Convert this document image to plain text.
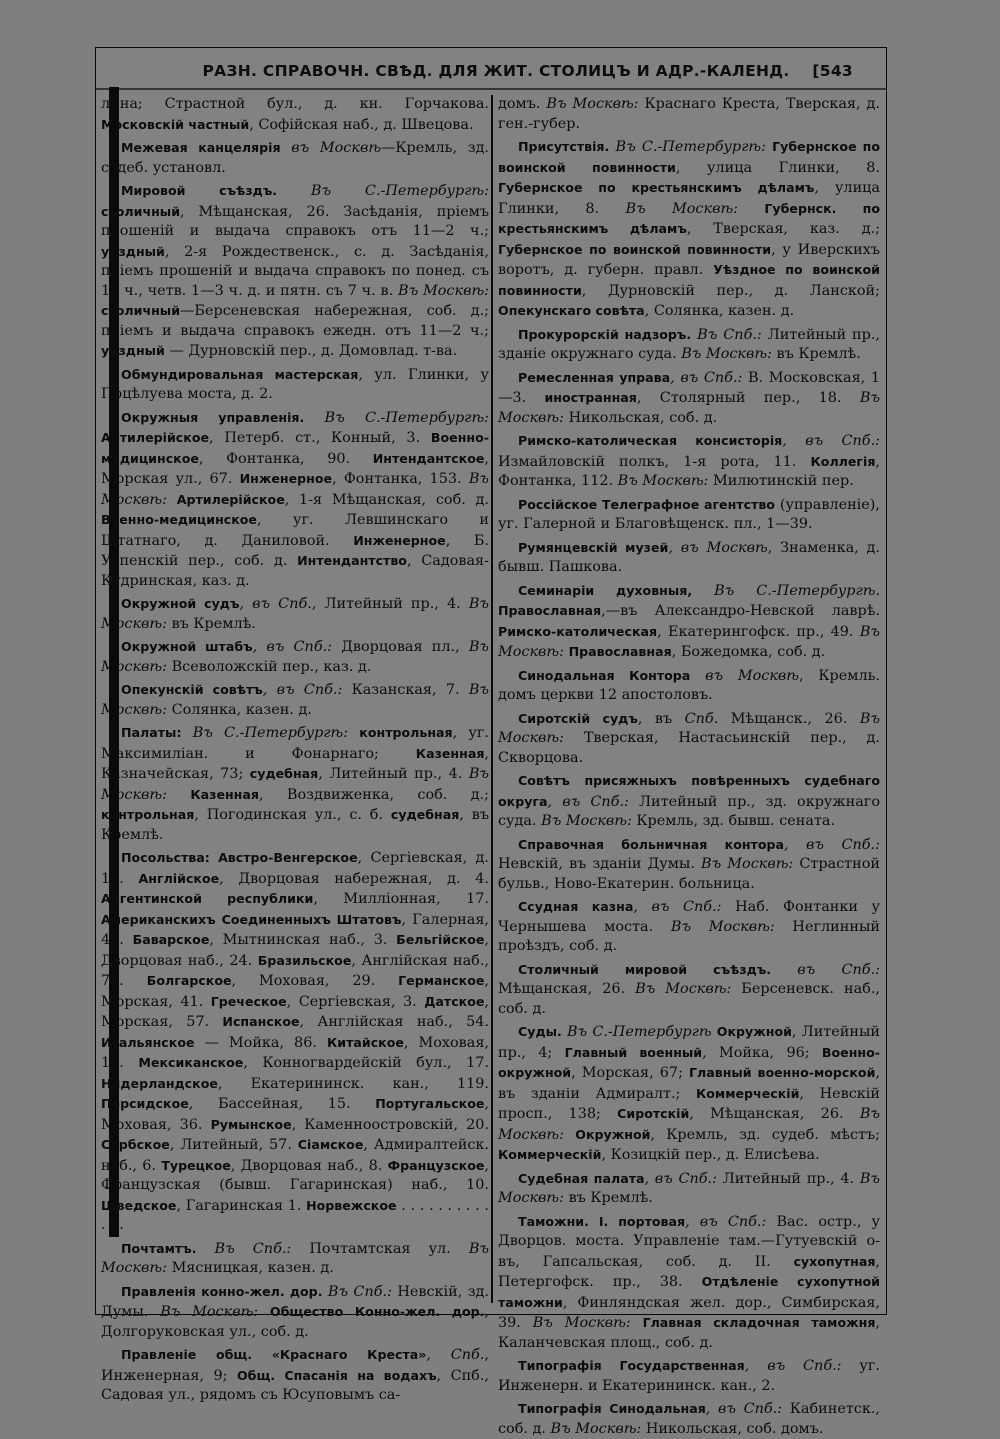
РАЗН. СПРАВОЧН. СВѢД. ДЛЯ ЖИТ. СТОЛИЦЪ И АДР.-КАЛЕНД. [543

лина; Страстной бул., д. кн. Горчакова. Московскій частный, Софійская наб., д. Швецова.

Межевая канцелярія въ Москвѣ—Кремль, зд. судеб. установл.

Мировой съѣздъ. Въ С.-Петербургѣ: столичный, Мѣщанская, 26. Засѣданія, пріемъ прошеній и выдача справокъ отъ 11—2 ч.; уѣздный, 2-я Рождественск., с. д. Засѣданія, пріемъ прошеній и выдача справокъ по понед. съ 12 ч., четв. 1—3 ч. д. и пятн. съ 7 ч. в. Въ Москвѣ: столичный—Берсеневская набережная, соб. д.; пріемъ и выдача справокъ ежедн. отъ 11—2 ч.; уѣздный — Дурновскій пер., д. Домовлад. т-ва.

Обмундировальная мастерская, ул. Глинки, у Поцѣлуева моста, д. 2.

Окружныя управленія. Въ С.-Петербургѣ: Артилерійское, Петерб. ст., Конный, 3. Военно-медицинское, Фонтанка, 90. Интендантское, Морская ул., 67. Инженерное, Фонтанка, 153. Въ Москвѣ: Артилерійское, 1-я Мѣщанская, соб. д. Военно-медицинское, уг. Левшинскаго и Штатнаго, д. Даниловой. Инженерное, Б. Успенскій пер., соб. д. Интендантство, Садовая-Кудринская, каз. д.

Окружной судъ, въ Спб., Литейный пр., 4. Въ Москвѣ: въ Кремлѣ.

Окружной штабъ, въ Спб.: Дворцовая пл., Въ Москвѣ: Всеволожскій пер., каз. д.

Опекунскій совѣтъ, въ Спб.: Казанская, 7. Въ Москвѣ: Солянка, казен. д.

Палаты: Въ С.-Петербургѣ: контрольная, уг. Максимиліан. и Фонарнаго; Казенная, Казначейская, 73; судебная, Литейный пр., 4. Въ Москвѣ: Казенная, Воздвиженка, соб. д.; контрольная, Погодинская ул., с. б. судебная, въ Кремлѣ.

Посольства: Австро-Венгерское, Сергіевская, д. 10. Англійское, Дворцовая набережная, д. 4. Аргентинской республики, Милліонная, 17. Американскихъ Соединенныхъ Штатовъ, Галерная, 45. Баварское, Мытнинская наб., 3. Бельгійское, Дворцовая наб., 24. Бразильское, Англійская наб., 74. Болгарское, Моховая, 29. Германское, Морская, 41. Греческое, Сергіевская, 3. Датское, Морская, 57. Испанское, Англійская наб., 54. Итальянское — Мойка, 86. Китайское, Моховая, 10. Мексиканское, Конногвардейскій бул., 17. Нидерландское, Екатерининск. кан., 119. Персидское, Бассейная, 15. Португальское, Моховая, 36. Румынское, Каменноостровскій, 20. Сербское, Литейный, 57. Сіамское, Адмиралтейск. наб., 6. Турецкое, Дворцовая наб., 8. Французское, Французская (бывш. Гагаринская) наб., 10. Шведское, Гагаринская 1. Норвежское . . . . . . . . . . . . .

Почтамтъ. Въ Спб.: Почтамтская ул. Въ Москвѣ: Мясницкая, казен. д.

Правленія конно-жел. дор. Въ Спб.: Невскій, зд. Думы. Въ Москвѣ: Общество Конно-жел. дор., Долгоруковская ул., соб. д.

Правленіе общ. «Краснаго Креста», Спб., Инженерная, 9; Общ. Спасанія на водахъ, Спб., Садовая ул., рядомъ съ Юсуповымъ са-

домъ. Въ Москвѣ: Краснаго Креста, Тверская, д. ген.-губер.

Присутствія. Въ С.-Петербургѣ: Губернское по воинской повинности, улица Глинки, 8. Губернское по крестьянскимъ дѣламъ, улица Глинки, 8. Въ Москвѣ: Губернск. по крестьянскимъ дѣламъ, Тверская, каз. д.; Губернское по воинской повинности, у Иверскихъ воротъ, д. губерн. правл. Уѣздное по воинской повинности, Дурновскій пер., д. Ланской; Опекунскаго совѣта, Солянка, казен. д.

Прокурорскій надзоръ. Въ Спб.: Литейный пр., зданіе окружнаго суда. Въ Москвѣ: въ Кремлѣ.

Ремесленная управа, въ Спб.: В. Московская, 1—3. иностранная, Столярный пер., 18. Въ Москвѣ: Никольская, соб. д.

Римско-католическая консисторія, въ Спб.: Измайловскій полкъ, 1-я рота, 11. Коллегія, Фонтанка, 112. Въ Москвѣ: Милютинскій пер.

Россійское Телеграфное агентство (управленіе), уг. Галерной и Благовѣщенск. пл., 1—39.

Румянцевскій музей, въ Москвѣ, Знаменка, д. бывш. Пашкова.

Семинаріи духовныя, Въ С.-Петербургѣ. Православная,—въ Александро-Невской лаврѣ. Римско-католическая, Екатерингофск. пр., 49. Въ Москвѣ: Православная, Божедомка, соб. д.

Синодальная Контора въ Москвѣ, Кремль. домъ церкви 12 апостоловъ.

Сиротскій судъ, въ Спб. Мѣщанск., 26. Въ Москвѣ: Тверская, Настасьинскій пер., д. Скворцова.

Совѣтъ присяжныхъ повѣренныхъ судебнаго округа, въ Спб.: Литейный пр., зд. окружнаго суда. Въ Москвѣ: Кремль, зд. бывш. сената.

Справочная больничная контора, въ Спб.: Невскій, въ зданіи Думы. Въ Москвѣ: Страстной бульв., Ново-Екатерин. больница.

Ссудная казна, въ Спб.: Наб. Фонтанки у Чернышева моста. Въ Москвѣ: Неглинный проѣздъ, соб. д.

Столичный мировой съѣздъ. въ Спб.: Мѣщанская, 26. Въ Москвѣ: Берсеневск. наб., соб. д.

Суды. Въ С.-Петербургѣ Окружной, Литейный пр., 4; Главный военный, Мойка, 96; Военно-окружной, Морская, 67; Главный военно-морской, въ зданіи Адмиралт.; Коммерческій, Невскій просп., 138; Сиротскій, Мѣщанская, 26. Въ Москвѣ: Окружной, Кремль, зд. судеб. мѣстъ; Коммерческій, Козицкій пер., д. Елисѣева.

Судебная палата, въ Спб.: Литейный пр., 4. Въ Москвѣ: въ Кремлѣ.

Таможни. I. портовая, въ Спб.: Вас. остр., у Дворцов. моста. Управленіе там.—Гутуевскій о-въ, Гапсальская, соб. д. II. сухопутная, Петергофск. пр., 38. Отдѣленіе сухопутной таможни, Финляндская жел. дор., Симбирская, 39. Въ Москвѣ: Главная складочная таможня, Каланчевская площ., соб. д.

Типографія Государственная, въ Спб.: уг. Инженерн. и Екатерининск. кан., 2.

Типографія Синодальная, въ Спб.: Кабинетск., соб. д. Въ Москвѣ: Никольская, соб. домъ.
